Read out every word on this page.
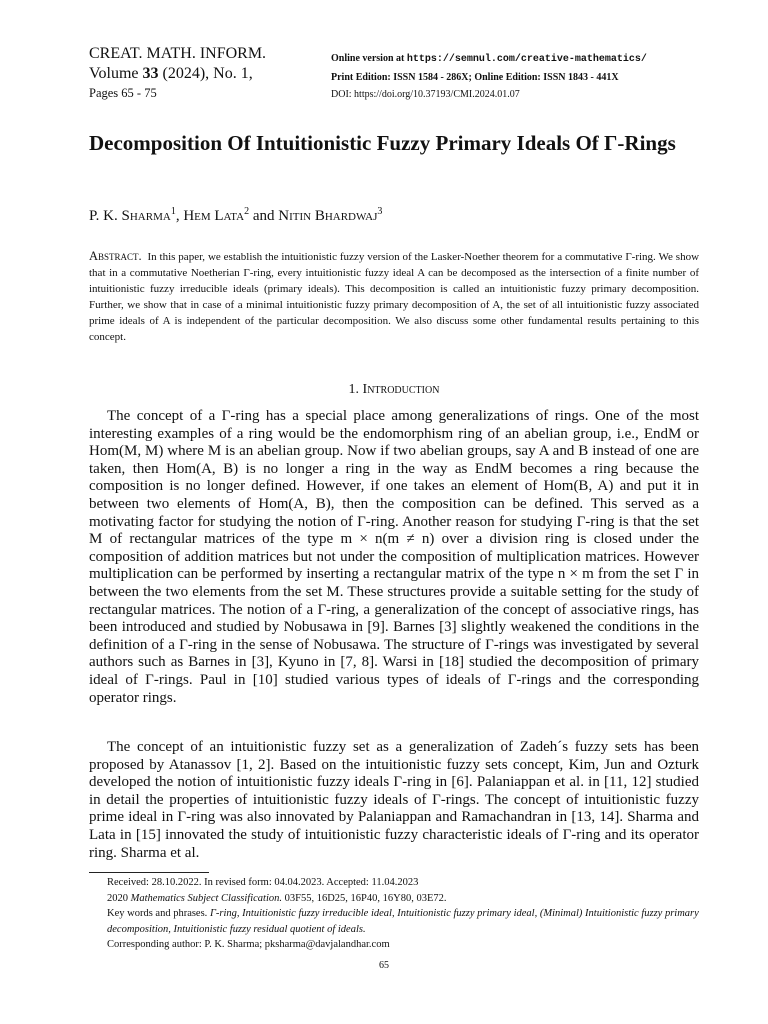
CREAT. MATH. INFORM.
Volume 33 (2024), No. 1,
Pages 65 - 75
Online version at https://semnul.com/creative-mathematics/
Print Edition: ISSN 1584 - 286X; Online Edition: ISSN 1843 - 441X
DOI: https://doi.org/10.37193/CMI.2024.01.07
Decomposition Of Intuitionistic Fuzzy Primary Ideals Of Γ-Rings
P. K. Sharma$^1$, Hem Lata$^2$ and Nitin Bhardwaj$^3$
Abstract. In this paper, we establish the intuitionistic fuzzy version of the Lasker-Noether theorem for a commutative Γ-ring. We show that in a commutative Noetherian Γ-ring, every intuitionistic fuzzy ideal A can be decomposed as the intersection of a finite number of intuitionistic fuzzy irreducible ideals (primary ideals). This decomposition is called an intuitionistic fuzzy primary decomposition. Further, we show that in case of a minimal intuitionistic fuzzy primary decomposition of A, the set of all intuitionistic fuzzy associated prime ideals of A is independent of the particular decomposition. We also discuss some other fundamental results pertaining to this concept.
1. Introduction

The concept of a Γ-ring has a special place among generalizations of rings. One of the most interesting examples of a ring would be the endomorphism ring of an abelian group, i.e., EndM or Hom(M, M) where M is an abelian group. Now if two abelian groups, say A and B instead of one are taken, then Hom(A, B) is no longer a ring in the way as EndM becomes a ring because the composition is no longer defined. However, if one takes an element of Hom(B, A) and put it in between two elements of Hom(A, B), then the composition can be defined. This served as a motivating factor for studying the notion of Γ-ring. Another reason for studying Γ-ring is that the set M of rectangular matrices of the type m × n(m ≠ n) over a division ring is closed under the composition of addition matrices but not under the composition of multiplication matrices. However multiplication can be performed by inserting a rectangular matrix of the type n × m from the set Γ in between the two elements from the set M. These structures provide a suitable setting for the study of rectangular matrices. The notion of a Γ-ring, a generalization of the concept of associative rings, has been introduced and studied by Nobusawa in [9]. Barnes [3] slightly weakened the conditions in the definition of a Γ-ring in the sense of Nobusawa. The structure of Γ-rings was investigated by several authors such as Barnes in [3], Kyuno in [7, 8]. Warsi in [18] studied the decomposition of primary ideal of Γ-rings. Paul in [10] studied various types of ideals of Γ-rings and the corresponding operator rings.

The concept of an intuitionistic fuzzy set as a generalization of Zadeh´s fuzzy sets has been proposed by Atanassov [1, 2]. Based on the intuitionistic fuzzy sets concept, Kim, Jun and Ozturk developed the notion of intuitionistic fuzzy ideals Γ-ring in [6]. Palaniappan et al. in [11, 12] studied in detail the properties of intuitionistic fuzzy ideals of Γ-rings. The concept of intuitionistic fuzzy prime ideal in Γ-ring was also innovated by Palaniappan and Ramachandran in [13, 14]. Sharma and Lata in [15] innovated the study of intuitionistic fuzzy characteristic ideals of Γ-ring and its operator ring. Sharma et al.

Received: 28.10.2022. In revised form: 04.04.2023. Accepted: 11.04.2023
2020 Mathematics Subject Classification. 03F55, 16D25, 16P40, 16Y80, 03E72.
Key words and phrases. Γ-ring, Intuitionistic fuzzy irreducible ideal, Intuitionistic fuzzy primary ideal, (Minimal) Intuitionistic fuzzy primary decomposition, Intuitionistic fuzzy residual quotient of ideals.
Corresponding author: P. K. Sharma; pksharma@davjalandhar.com
65
